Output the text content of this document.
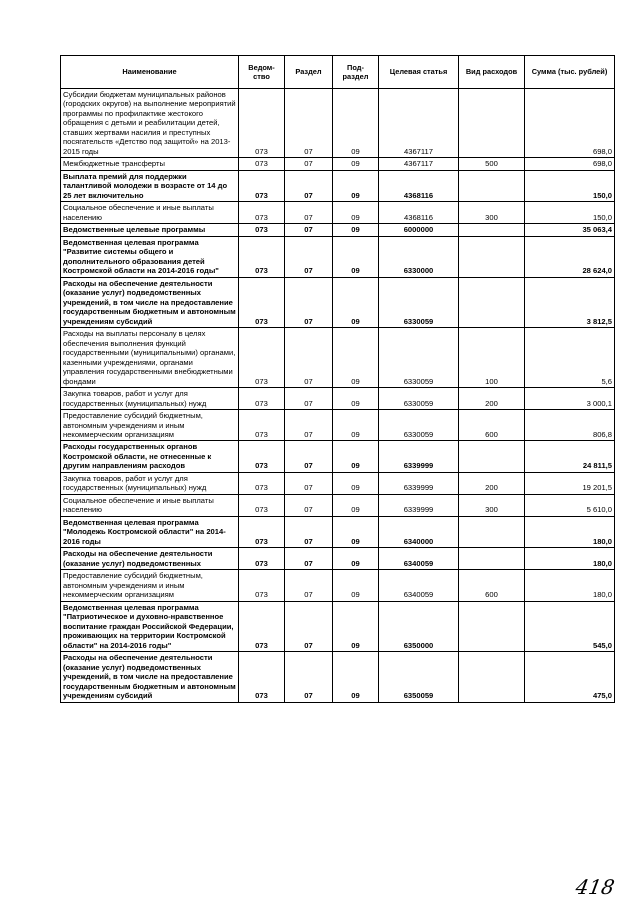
Наименование	Ведом-ство	Раздел	Под-раздел	Целевая статья	Вид расходов	Сумма (тыс. рублей)
Субсидии бюджетам муниципальных районов (городских округов) на выполнение мероприятий программы по профилактике жестокого обращения с детьми и реабилитации детей, ставших жертвами насилия и преступных посягательств «Детство под защитой» на 2013-2015 годы	073	07	09	4367117		698,0
Межбюджетные трансферты	073	07	09	4367117	500	698,0
Выплата премий для поддержки талантливой молодежи в возрасте от 14 до 25 лет включительно	073	07	09	4368116		150,0
Социальное обеспечение и иные выплаты населению	073	07	09	4368116	300	150,0
Ведомственные целевые программы	073	07	09	6000000		35 063,4
Ведомственная целевая программа "Развитие системы общего и дополнительного образования детей Костромской области на 2014-2016 годы"	073	07	09	6330000		28 624,0
Расходы на обеспечение деятельности (оказание услуг) подведомственных учреждений, в том числе на предоставление государственным бюджетным и автономным учреждениям субсидий	073	07	09	6330059		3 812,5
Расходы на выплаты персоналу в целях обеспечения выполнения функций государственными (муниципальными) органами, казенными учреждениями, органами управления государственными внебюджетными фондами	073	07	09	6330059	100	5,6
Закупка товаров, работ и услуг для государственных (муниципальных) нужд	073	07	09	6330059	200	3 000,1
Предоставление субсидий бюджетным, автономным учреждениям и иным некоммерческим организациям	073	07	09	6330059	600	806,8
Расходы государственных органов Костромской области, не отнесенные к другим направлениям расходов	073	07	09	6339999		24 811,5
Закупка товаров, работ и услуг для государственных (муниципальных) нужд	073	07	09	6339999	200	19 201,5
Социальное обеспечение и иные выплаты населению	073	07	09	6339999	300	5 610,0
Ведомственная целевая программа "Молодежь Костромской области" на 2014-2016 годы	073	07	09	6340000		180,0
Расходы на обеспечение деятельности (оказание услуг) подведомственных	073	07	09	6340059		180,0
Предоставление субсидий бюджетным, автономным учреждениям и иным некоммерческим организациям	073	07	09	6340059	600	180,0
Ведомственная целевая программа "Патриотическое и духовно-нравственное воспитание граждан Российской Федерации, проживающих на территории Костромской области" на 2014-2016 годы"	073	07	09	6350000		545,0
Расходы на обеспечение деятельности (оказание услуг) подведомственных учреждений, в том числе на предоставление государственным бюджетным и автономным учреждениям субсидий	073	07	09	6350059		475,0
418
